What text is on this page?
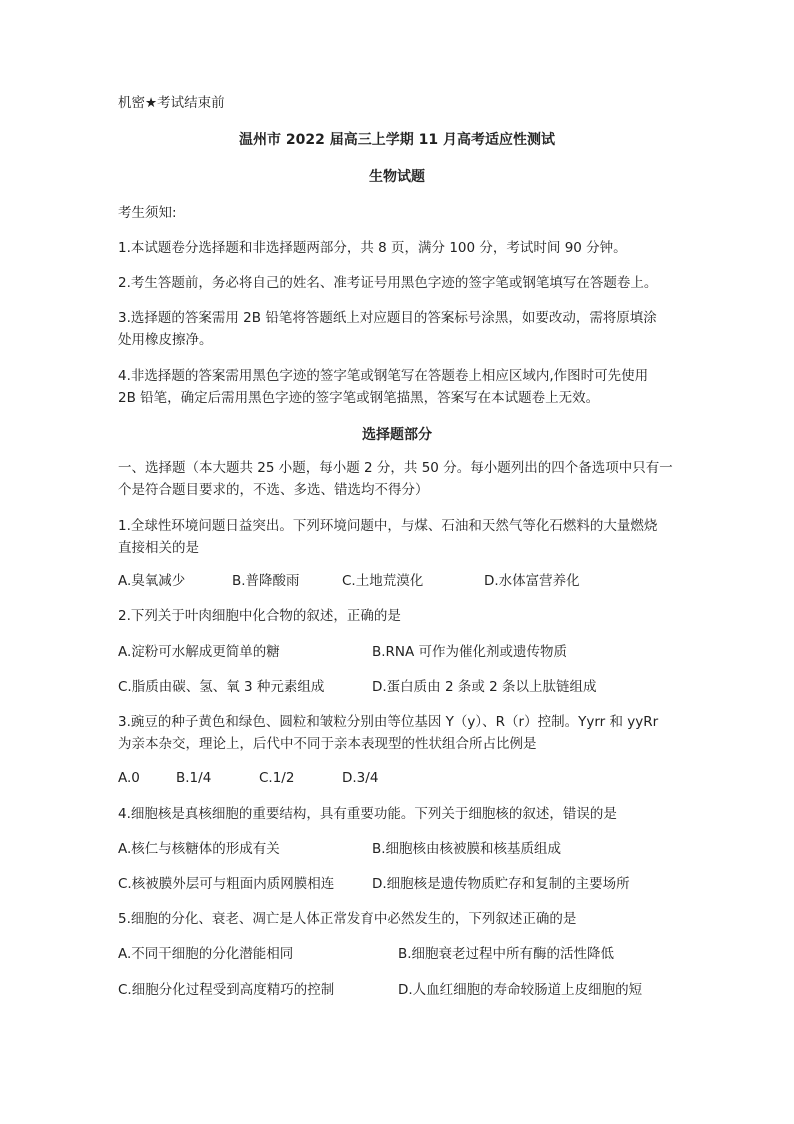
机密★考试结束前
温州市 2022 届高三上学期 11 月高考适应性测试
生物试题
考生须知:
1.本试题卷分选择题和非选择题两部分，共 8 页，满分 100 分，考试时间 90 分钟。
2.考生答题前，务必将自己的姓名、准考证号用黑色字迹的签字笔或钢笔填写在答题卷上。
3.选择题的答案需用 2B 铅笔将答题纸上对应题目的答案标号涂黑，如要改动，需将原填涂
处用橡皮擦净。
4.非选择题的答案需用黑色字迹的签字笔或钢笔写在答题卷上相应区域内,作图时可先使用
2B 铅笔，确定后需用黑色字迹的签字笔或钢笔描黑，答案写在本试题卷上无效。
选择题部分
一、选择题（本大题共 25 小题，每小题 2 分，共 50 分。每小题列出的四个备选项中只有一
个是符合题目要求的，不选、多选、错选均不得分）
1.全球性环境问题日益突出。下列环境问题中，与煤、石油和天然气等化石燃料的大量燃烧
直接相关的是
A.臭氧减少	B.普降酸雨	C.土地荒漠化	D.水体富营养化
2.下列关于叶肉细胞中化合物的叙述，正确的是
A.淀粉可水解成更简单的糖	B.RNA 可作为催化剂或遗传物质
C.脂质由碳、氢、氧 3 种元素组成	D.蛋白质由 2 条或 2 条以上肽链组成
3.豌豆的种子黄色和绿色、圆粒和皱粒分别由等位基因 Y（y）、R（r）控制。Yyrr 和 yyRr
为亲本杂交，理论上，后代中不同于亲本表现型的性状组合所占比例是
A.0	B.1/4	C.1/2	D.3/4
4.细胞核是真核细胞的重要结构，具有重要功能。下列关于细胞核的叙述，错误的是
A.核仁与核糖体的形成有关	B.细胞核由核被膜和核基质组成
C.核被膜外层可与粗面内质网膜相连	D.细胞核是遗传物质贮存和复制的主要场所
5.细胞的分化、衰老、凋亡是人体正常发育中必然发生的，下列叙述正确的是
A.不同干细胞的分化潜能相同	B.细胞衰老过程中所有酶的活性降低
C.细胞分化过程受到高度精巧的控制	D.人血红细胞的寿命较肠道上皮细胞的短
